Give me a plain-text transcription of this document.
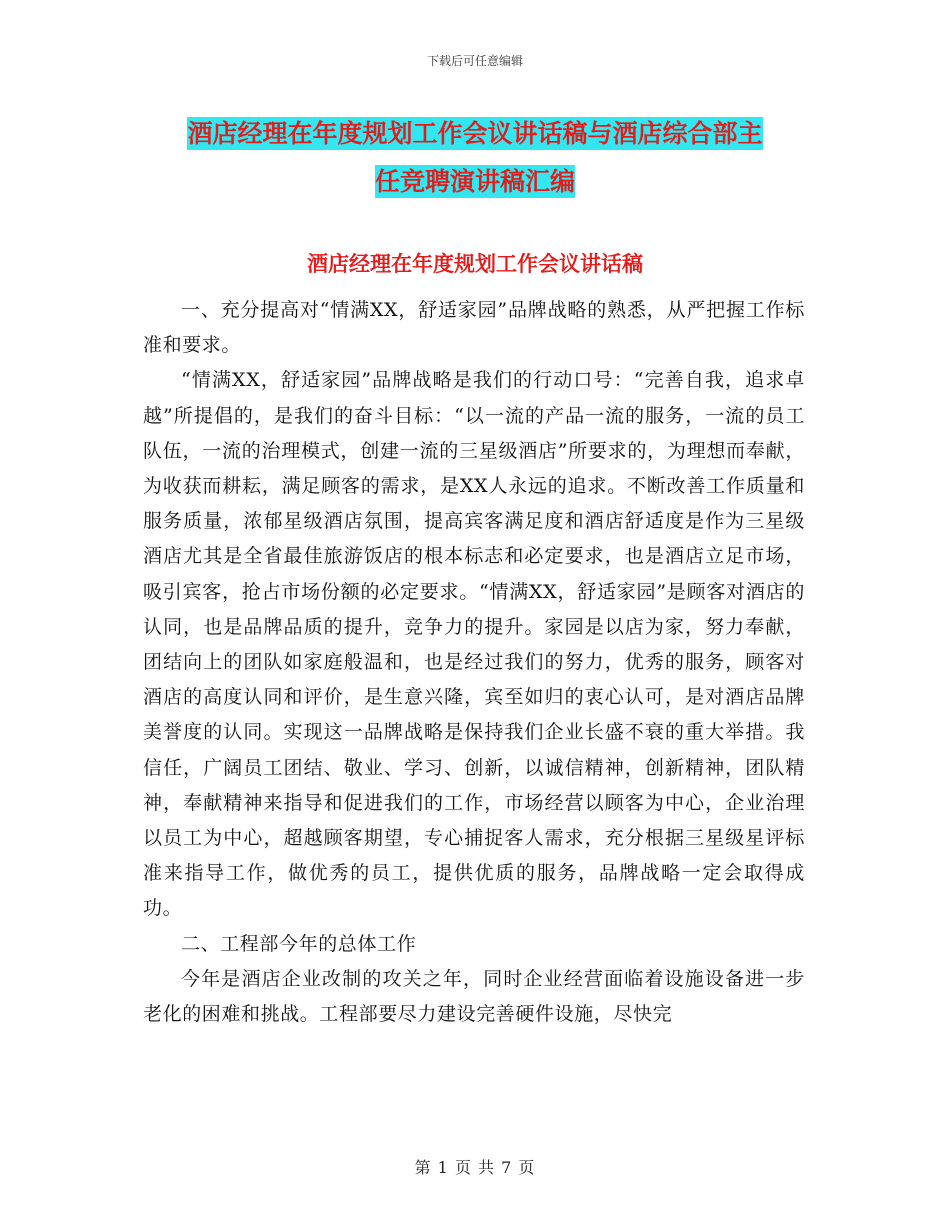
下载后可任意编辑
酒店经理在年度规划工作会议讲话稿与酒店综合部主
任竞聘演讲稿汇编
酒店经理在年度规划工作会议讲话稿

一、充分提高对“情满XX，舒适家园”品牌战略的熟悉，从严把握工作标准和要求。

“情满XX，舒适家园”品牌战略是我们的行动口号：“完善自我，追求卓越”所提倡的，是我们的奋斗目标：“以一流的产品一流的服务，一流的员工队伍，一流的治理模式，创建一流的三星级酒店”所要求的，为理想而奉献，为收获而耕耘，满足顾客的需求，是XX人永远的追求。不断改善工作质量和服务质量，浓郁星级酒店氛围，提高宾客满足度和酒店舒适度是作为三星级酒店尤其是全省最佳旅游饭店的根本标志和必定要求，也是酒店立足市场，吸引宾客，抢占市场份额的必定要求。“情满XX，舒适家园”是顾客对酒店的认同，也是品牌品质的提升，竞争力的提升。家园是以店为家，努力奉献，团结向上的团队如家庭般温和，也是经过我们的努力，优秀的服务，顾客对酒店的高度认同和评价，是生意兴隆，宾至如归的衷心认可，是对酒店品牌美誉度的认同。实现这一品牌战略是保持我们企业长盛不衰的重大举措。我信任，广阔员工团结、敬业、学习、创新，以诚信精神，创新精神，团队精神，奉献精神来指导和促进我们的工作，市场经营以顾客为中心，企业治理以员工为中心，超越顾客期望，专心捕捉客人需求，充分根据三星级星评标准来指导工作，做优秀的员工，提供优质的服务，品牌战略一定会取得成功。

二、工程部今年的总体工作

今年是酒店企业改制的攻关之年，同时企业经营面临着设施设备进一步老化的困难和挑战。工程部要尽力建设完善硬件设施，尽快完

第 1 页 共 7 页
